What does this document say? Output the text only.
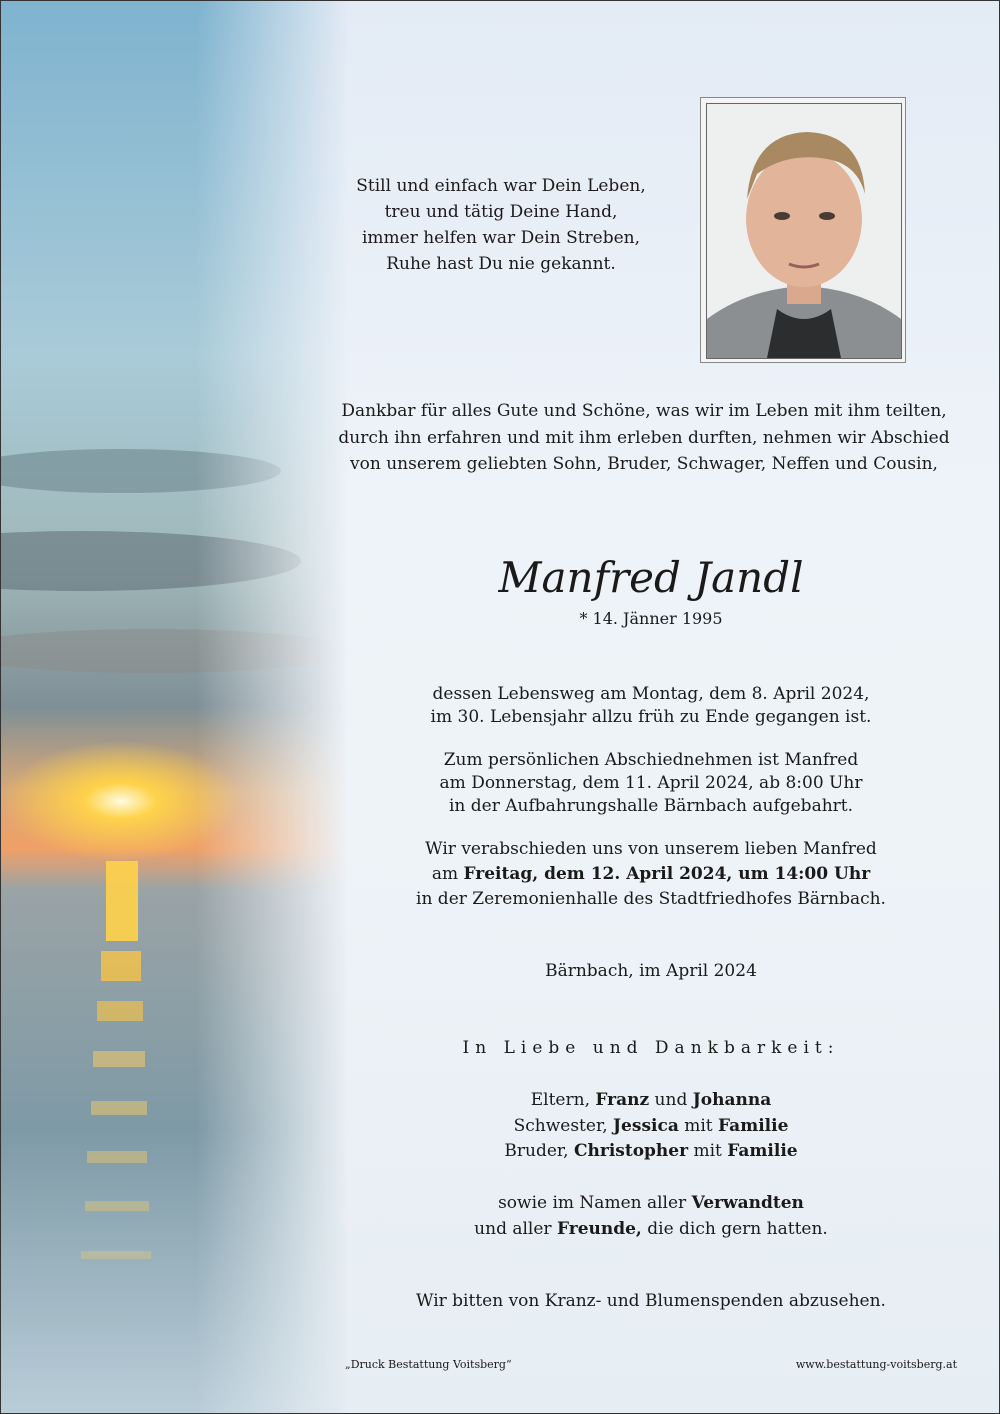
Still und einfach war Dein Leben,
treu und tätig Deine Hand,
immer helfen war Dein Streben,
Ruhe hast Du nie gekannt.
Dankbar für alles Gute und Schöne, was wir im Leben mit ihm teilten,
durch ihn erfahren und mit ihm erleben durften, nehmen wir Abschied
von unserem geliebten Sohn, Bruder, Schwager, Neffen und Cousin,
Manfred Jandl
* 14. Jänner 1995
dessen Lebensweg am Montag, dem 8. April 2024,
im 30. Lebensjahr allzu früh zu Ende gegangen ist.
Zum persönlichen Abschiednehmen ist Manfred
am Donnerstag, dem 11. April 2024, ab 8:00 Uhr
in der Aufbahrungshalle Bärnbach aufgebahrt.
Wir verabschieden uns von unserem lieben Manfred
am Freitag, dem 12. April 2024, um 14:00 Uhr
in der Zeremonienhalle des Stadtfriedhofes Bärnbach.
Bärnbach, im April 2024
In Liebe und Dankbarkeit:
Eltern, Franz und Johanna
Schwester, Jessica mit Familie
Bruder, Christopher mit Familie
sowie im Namen aller Verwandten
und aller Freunde, die dich gern hatten.
Wir bitten von Kranz- und Blumenspenden abzusehen.
„Druck Bestattung Voitsberg“	www.bestattung-voitsberg.at
